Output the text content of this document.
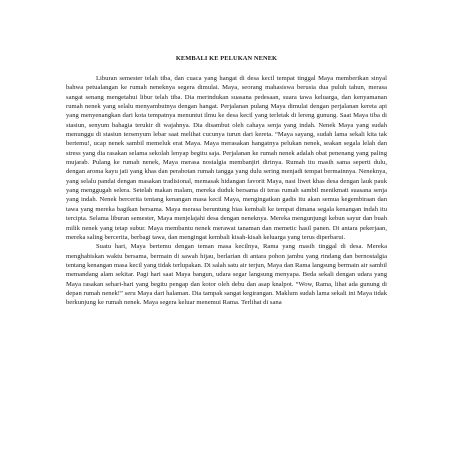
KEMBALI KE PELUKAN NENEK

Liburan semester telah tiba, dan cuaca yang hangat di desa kecil tempat tinggal Maya memberikan sinyal bahwa petualangan ke rumah neneknya segera dimulai. Maya, seorang mahasiswa berusia dua puluh tahun, merasa sangat senang mengetahui libur telah tiba. Dia merindukan suasana pedesaan, suara tawa keluarga, dan kenyamanan rumah nenek yang selalu menyambutnya dengan hangat. Perjalanan pulang Maya dimulai dengan perjalanan kereta api yang menyenangkan dari kota tempatnya menuntut ilmu ke desa kecil yang terletak di lereng gunung. Saat Maya tiba di stasiun, senyum bahagia terukir di wajahnya. Dia disambut oleh cahaya senja yang indah. Nenek Maya yang sudah menunggu di stasiun tersenyum lebar saat melihat cucunya turun dari kereta. “Maya sayang, sudah lama sekali kita tak bertemu!, ucap nenek sambil memeluk erat Maya. Maya merasakan hangatnya pelukan nenek, seakan segala lelah dan stress yang dia rasakan selama sekolah lenyap begitu saja. Perjalanan ke rumah nenek adalah obat penenang yang paling mujarab. Pulang ke rumah nenek, Maya merasa nostalgia membanjiri dirinya. Rumah itu masih sama seperti dulu, dengan aroma kayu jati yang khas dan perabotan rumah tangga yang dulu sering menjadi tempat bermainnya. Neneknya, yang selalu pandai dengan masakan tradisional, memasak hidangan favorit Maya, nasi liwet khas desa dengan lauk pauk yang menggugah selera. Setelah makan malam, mereka duduk bersama di teras rumah sambil menikmati suasana senja yang indah. Nenek bercerita tentang kenangan masa kecil Maya, mengingatkan gadis itu akan semua kegembiraan dan tawa yang mereka bagikan bersama. Maya merasa beruntung bias kembali ke tempat dimana segala kenangan indah itu tercipta. Selama liburan semester, Maya menjelajahi desa dengan neneknya. Mereka mengunjungi kebun sayur dan buah milik nenek yang tetap subur. Maya membantu nenek merawat tanaman dan memetic hasil panen. Di antara pekerjaan, mereka saling bercerita, berbagi tawa, dan mengingat kembali kisah-kisah keluarga yang terus diperbarui.

Suatu hari, Maya bertemu dengan teman masa kecilnya, Rama yang masih tinggal di desa. Mereka menghabiskan waktu bersama, bermain di sawah hijau, berlarian di antara pohon jambu yang rindang dan bernostalgia tentang kenangan masa kecil yang tidak terlupakan. Di salah satu air terjun, Maya dan Rama langsung bermain air sambil memandang alam sekitar. Pagi hari saat Maya bangun, udara segar langsung menyapa. Beda sekali dengan udara yang Maya rasakan sehari-hari yang begitu pengap dan kotor oleh debu dan asap knalpot. “Wow, Rama, lihat ada gunung di depan rumah nenek!” seru Maya dari halaman. Dia tampak sangat kegirangan. Maklum sudah lama sekali ini Maya tidak berkunjung ke rumah nenek. Maya segera keluar menemui Rama. Terlihat di sana
